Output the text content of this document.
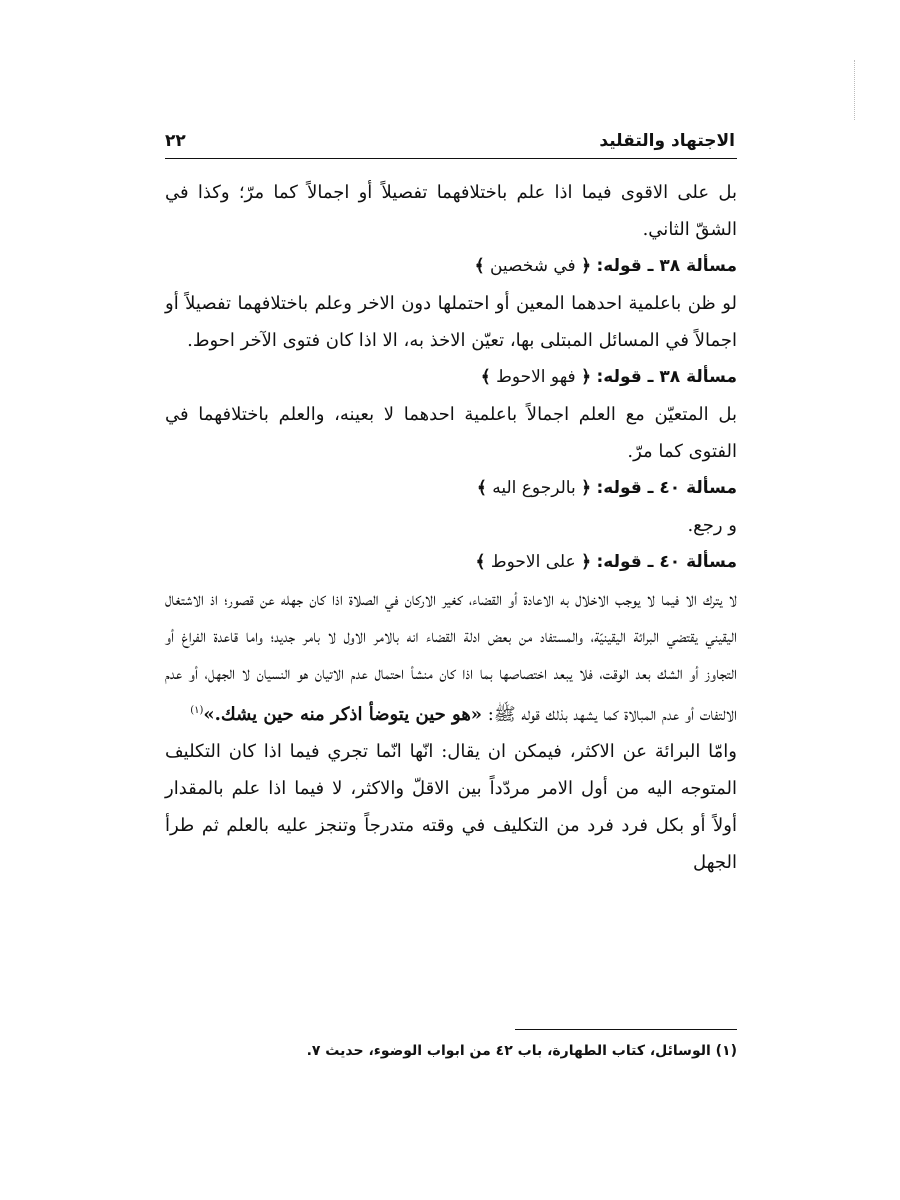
الاجتهاد والتقليد
٢٢

بل على الاقوى فيما اذا علم باختلافهما تفصيلاً أو اجمالاً كما مرّ؛ وكذا في الشقّ الثاني.

مسألة ٣٨ ـ قوله: ﴿ في شخصين ﴾

لو ظن باعلمية احدهما المعين أو احتملها دون الاخر وعلم باختلافهما تفصيلاً أو اجمالاً في المسائل المبتلى بها، تعيّن الاخذ به، الا اذا كان فتوى الآخر احوط.

مسألة ٣٨ ـ قوله: ﴿ فهو الاحوط ﴾

بل المتعيّن مع العلم اجمالاً باعلمية احدهما لا بعينه، والعلم باختلافهما في الفتوى كما مرّ.

مسألة ٤٠ ـ قوله: ﴿ بالرجوع اليه ﴾

و رجع.

مسألة ٤٠ ـ قوله: ﴿ على الاحوط ﴾

لا يترك الا فيما لا يوجب الاخلال به الاعادة أو القضاء، كغير الاركان في الصلاة اذا كان جهله عن قصور؛ اذ الاشتغال اليقيني يقتضي البرائة اليقينيّة، والمستفاد من بعض ادلة القضاء انه بالامر الاول لا بامر جديد؛ واما قاعدة الفراغ أو التجاوز أو الشك بعد الوقت، فلا يبعد اختصاصها بما اذا كان منشأ احتمال عدم الاتيان هو النسيان لا الجهل، أو عدم الالتفات أو عدم المبالاة كما يشهد بذلك قوله ﷺ: «هو حين يتوضأ اذكر منه حين يشك.»$^{(١)}$

وامّا البرائة عن الاكثر، فيمكن ان يقال: انّها انّما تجري فيما اذا كان التكليف المتوجه اليه من أول الامر مردّداً بين الاقلّ والاكثر، لا فيما اذا علم بالمقدار أولاً أو بكل فرد فرد من التكليف في وقته متدرجاً وتنجز عليه بالعلم ثم طرأ الجهل

(١) الوسائل، كتاب الطهارة، باب ٤٢ من ابواب الوضوء، حديث ٧.
